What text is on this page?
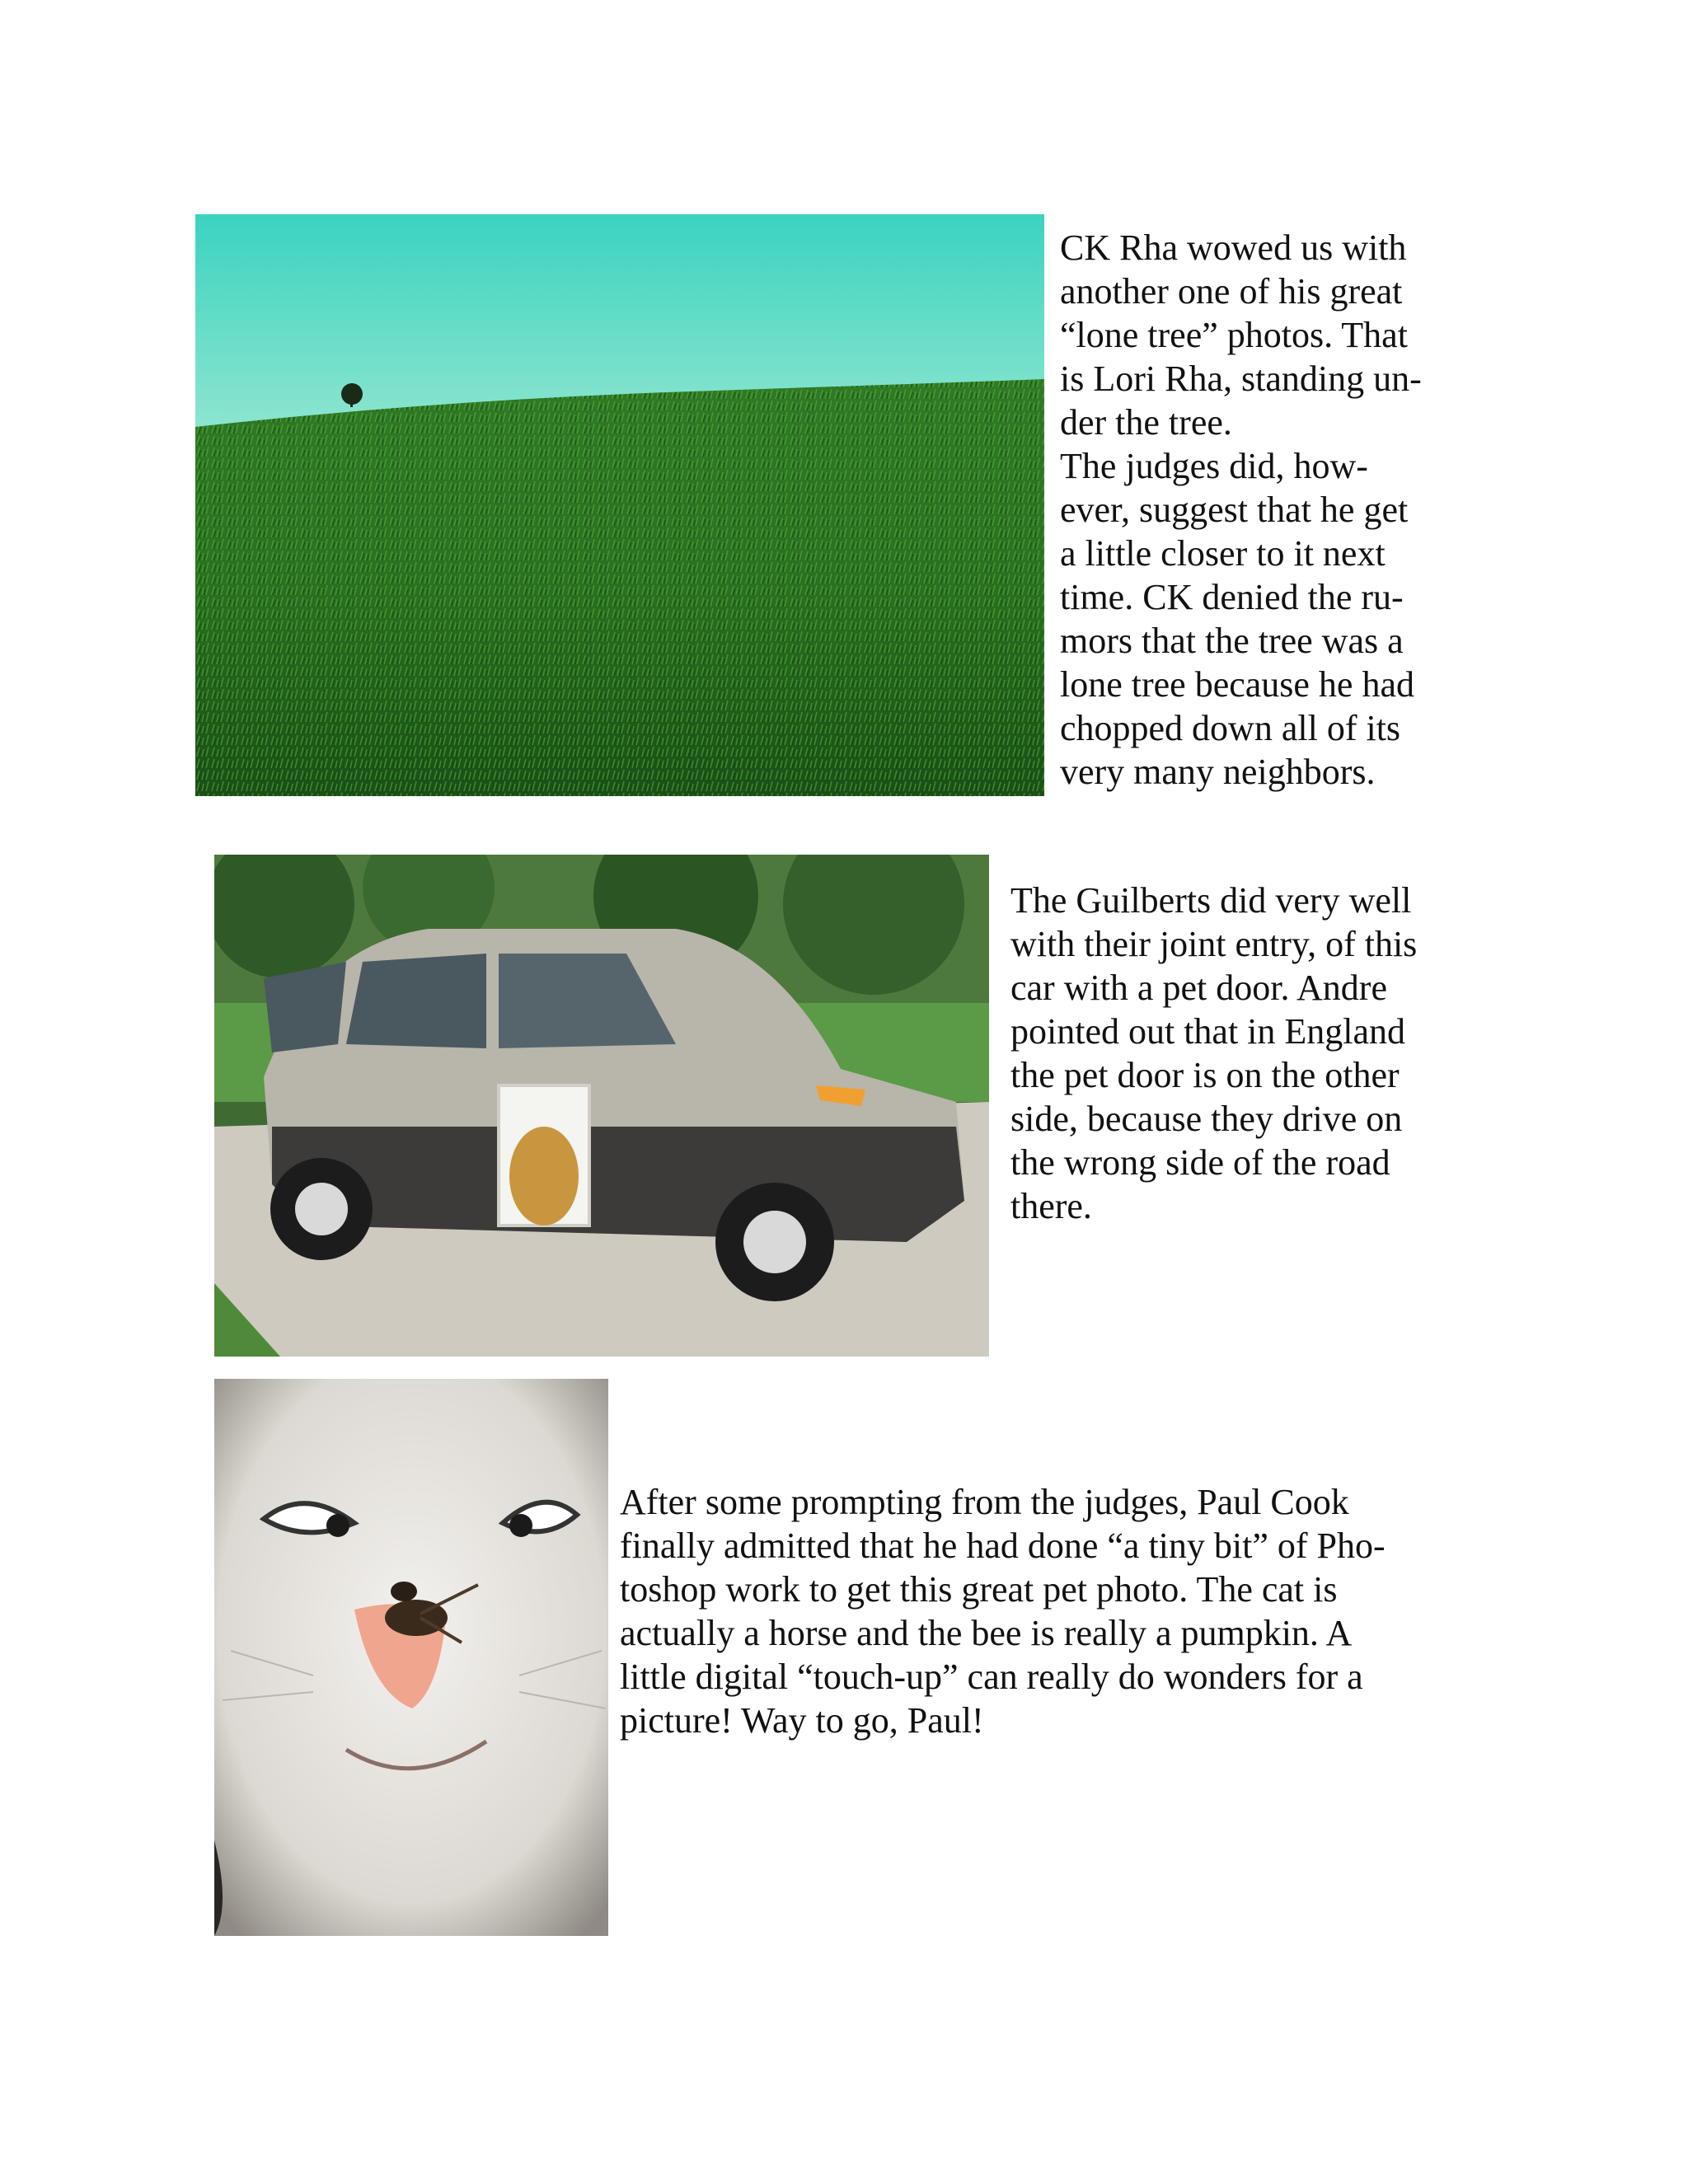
CK Rha wowed us with
another one of his great
“lone tree” photos. That
is Lori Rha, standing un-
der the tree.
The judges did, how-
ever, suggest that he get
a little closer to it next
time. CK denied the ru-
mors that the tree was a
lone tree because he had
chopped down all of its
very many neighbors.
The Guilberts did very well
with their joint entry, of this
car with a pet door. Andre
pointed out that in England
the pet door is on the other
side, because they drive on
the wrong side of the road
there.
After some prompting from the judges, Paul Cook
finally admitted that he had done “a tiny bit” of Pho-
toshop work to get this great pet photo. The cat is
actually a horse and the bee is really a pumpkin. A
little digital “touch-up” can really do wonders for a
picture! Way to go, Paul!
